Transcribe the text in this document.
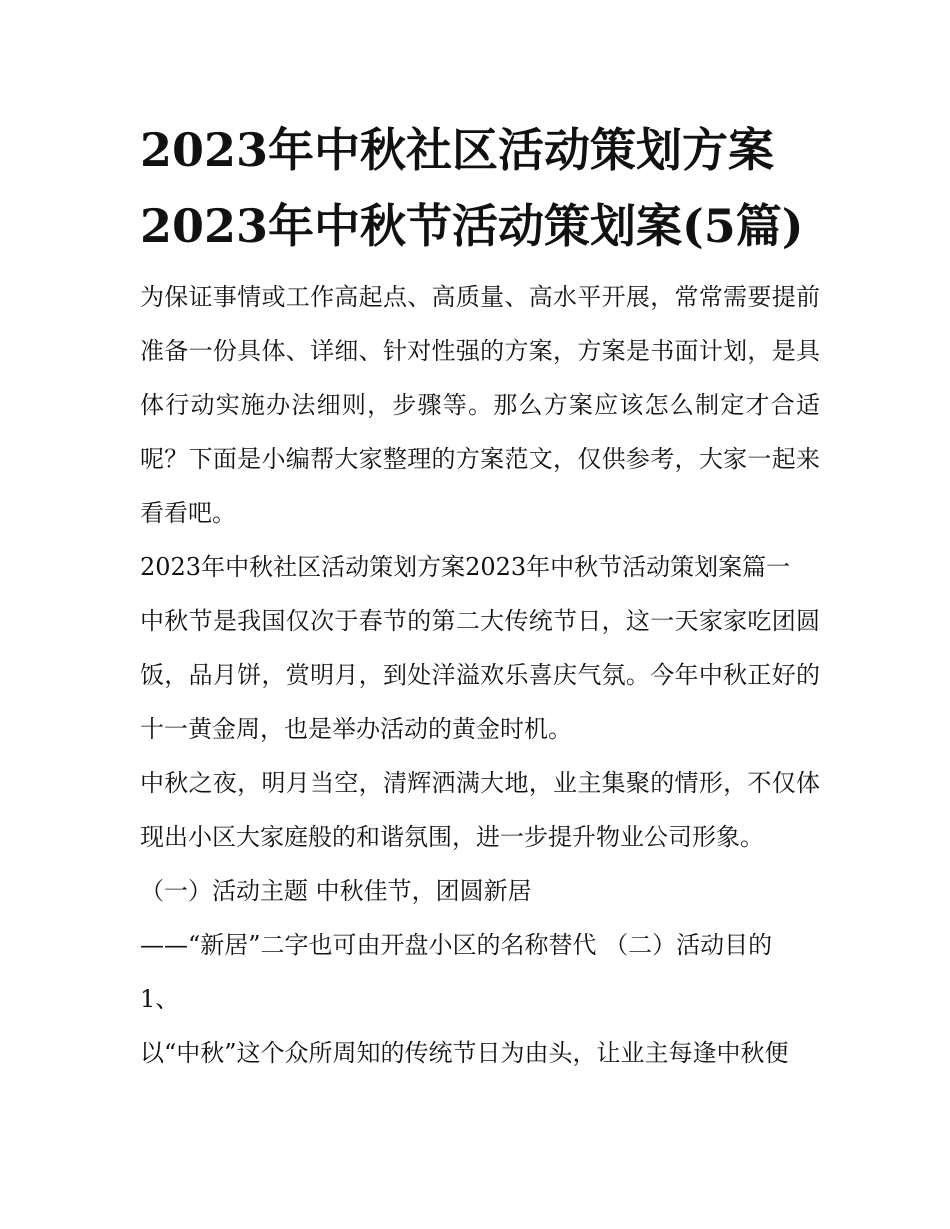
2023年中秋社区活动策划方案2023年中秋节活动策划案(5篇)

为保证事情或工作高起点、高质量、高水平开展，常常需要提前准备一份具体、详细、针对性强的方案，方案是书面计划，是具体行动实施办法细则，步骤等。那么方案应该怎么制定才合适呢？下面是小编帮大家整理的方案范文，仅供参考，大家一起来看看吧。

2023年中秋社区活动策划方案2023年中秋节活动策划案篇一

中秋节是我国仅次于春节的第二大传统节日，这一天家家吃团圆饭，品月饼，赏明月，到处洋溢欢乐喜庆气氛。今年中秋正好的十一黄金周，也是举办活动的黄金时机。

中秋之夜，明月当空，清辉洒满大地，业主集聚的情形，不仅体现出小区大家庭般的和谐氛围，进一步提升物业公司形象。

（一）活动主题 中秋佳节，团圆新居

——“新居”二字也可由开盘小区的名称替代 （二）活动目的

1、

以“中秋”这个众所周知的传统节日为由头，让业主每逢中秋便
